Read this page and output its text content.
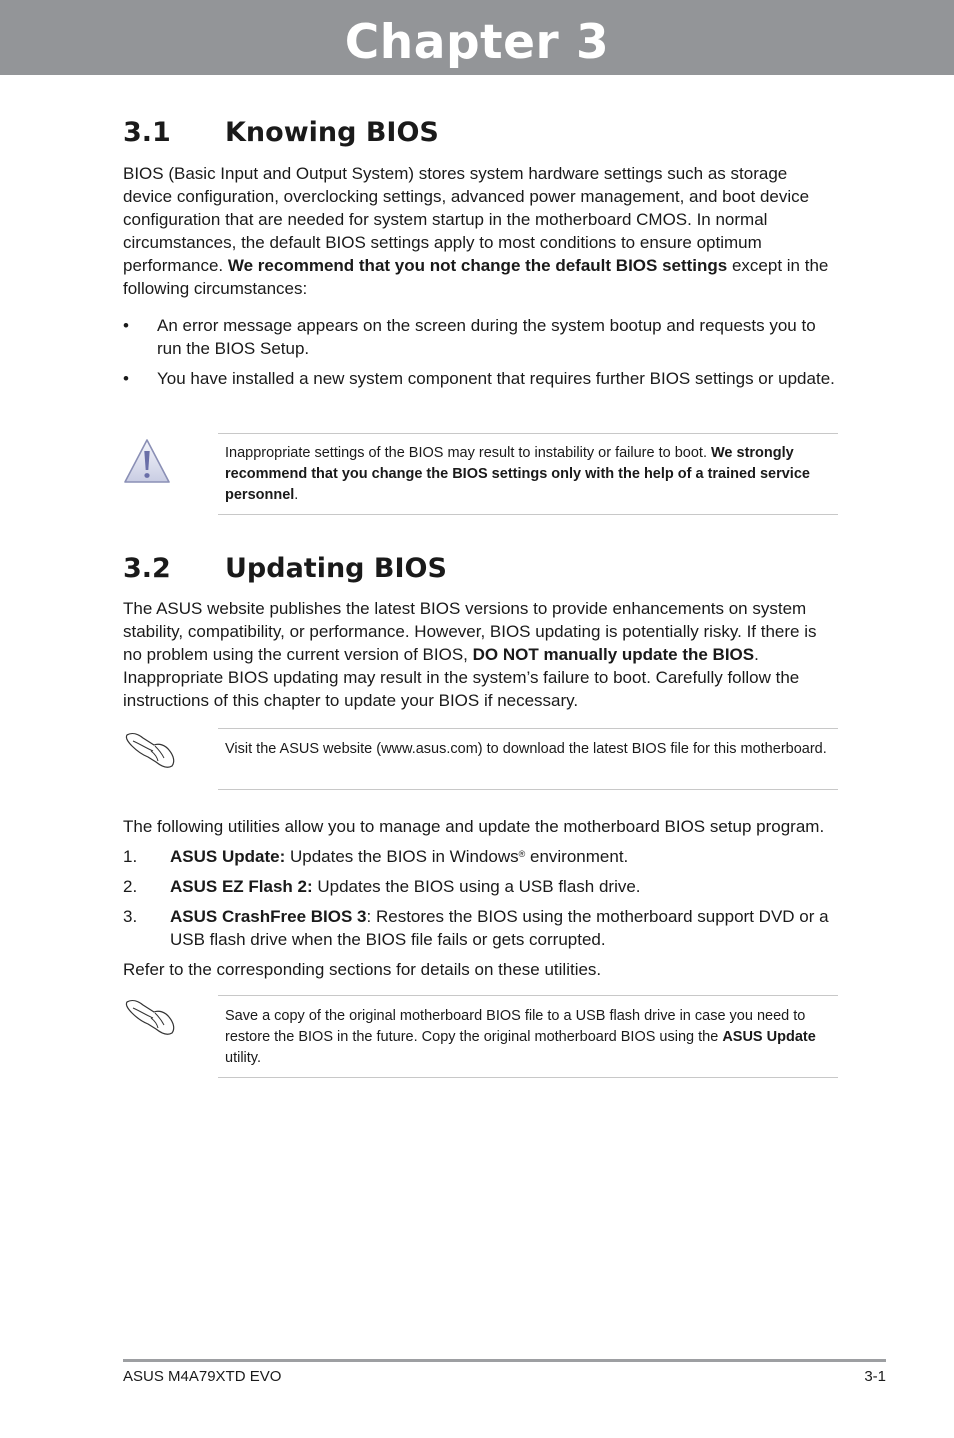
Chapter 3
3.1 Knowing BIOS

BIOS (Basic Input and Output System) stores system hardware settings such as storage device configuration, overclocking settings, advanced power management, and boot device configuration that are needed for system startup in the motherboard CMOS. In normal circumstances, the default BIOS settings apply to most conditions to ensure optimum performance. We recommend that you not change the default BIOS settings except in the following circumstances:

• An error message appears on the screen during the system bootup and requests you to run the BIOS Setup.
• You have installed a new system component that requires further BIOS settings or update.

Inappropriate settings of the BIOS may result to instability or failure to boot. We strongly recommend that you change the BIOS settings only with the help of a trained service personnel.

3.2 Updating BIOS

The ASUS website publishes the latest BIOS versions to provide enhancements on system stability, compatibility, or performance. However, BIOS updating is potentially risky. If there is no problem using the current version of BIOS, DO NOT manually update the BIOS. Inappropriate BIOS updating may result in the system’s failure to boot. Carefully follow the instructions of this chapter to update your BIOS if necessary.

Visit the ASUS website (www.asus.com) to download the latest BIOS file for this motherboard.

The following utilities allow you to manage and update the motherboard BIOS setup program.

1. ASUS Update: Updates the BIOS in Windows® environment.
2. ASUS EZ Flash 2: Updates the BIOS using a USB flash drive.
3. ASUS CrashFree BIOS 3: Restores the BIOS using the motherboard support DVD or a USB flash drive when the BIOS file fails or gets corrupted.

Refer to the corresponding sections for details on these utilities.

Save a copy of the original motherboard BIOS file to a USB flash drive in case you need to restore the BIOS in the future. Copy the original motherboard BIOS using the ASUS Update utility.

ASUS M4A79XTD EVO	3-1
